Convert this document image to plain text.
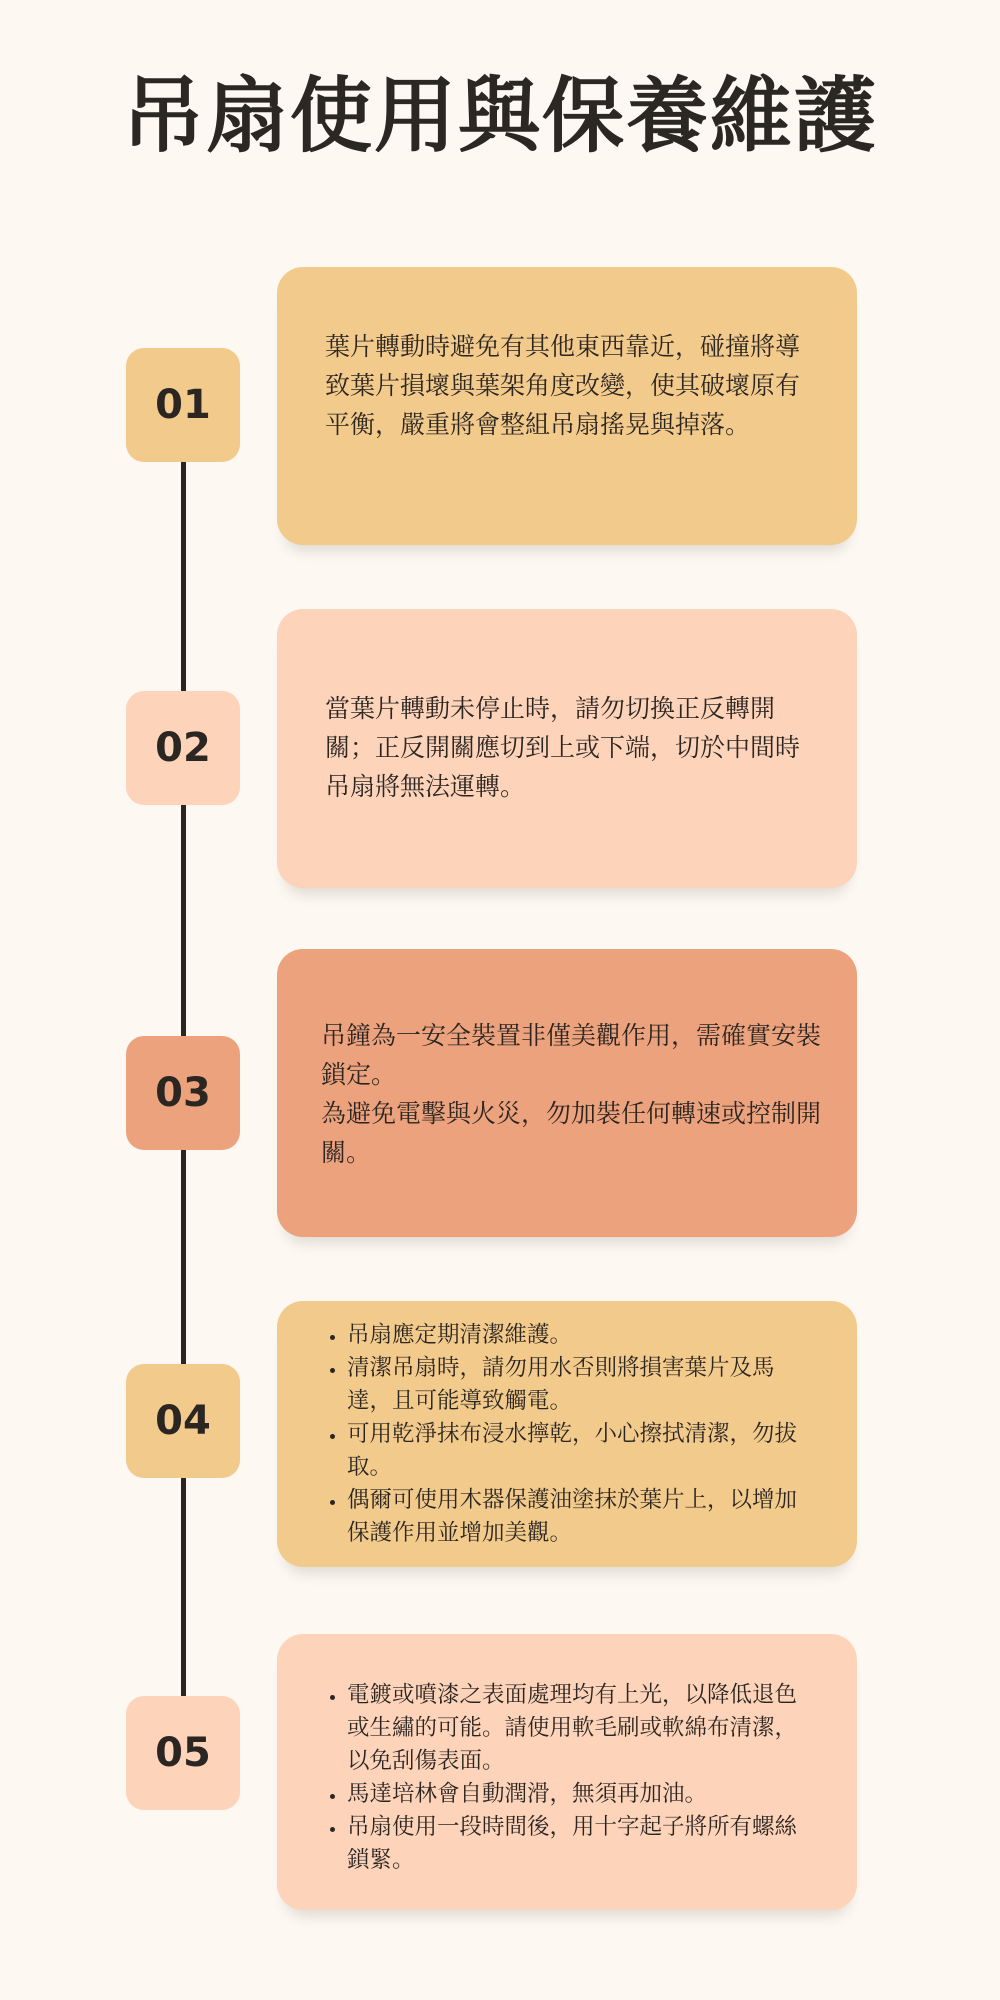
吊扇使用與保養維護
01
葉片轉動時避免有其他東西靠近，碰撞將導致葉片損壞與葉架角度改變，使其破壞原有平衡，嚴重將會整組吊扇搖晃與掉落。
02
當葉片轉動未停止時，請勿切換正反轉開關；正反開關應切到上或下端，切於中間時吊扇將無法運轉。
03

吊鐘為一安全裝置非僅美觀作用，需確實安裝鎖定。

為避免電擊與火災，勿加裝任何轉速或控制開關。

04
• 吊扇應定期清潔維護。
• 清潔吊扇時，請勿用水否則將損害葉片及馬達，且可能導致觸電。
• 可用乾淨抹布浸水擰乾，小心擦拭清潔，勿拔取。
• 偶爾可使用木器保護油塗抹於葉片上，以增加保護作用並增加美觀。
05
• 電鍍或噴漆之表面處理均有上光，以降低退色或生繡的可能。請使用軟毛刷或軟綿布清潔，以免刮傷表面。
• 馬達培林會自動潤滑，無須再加油。
• 吊扇使用一段時間後，用十字起子將所有螺絲鎖緊。
